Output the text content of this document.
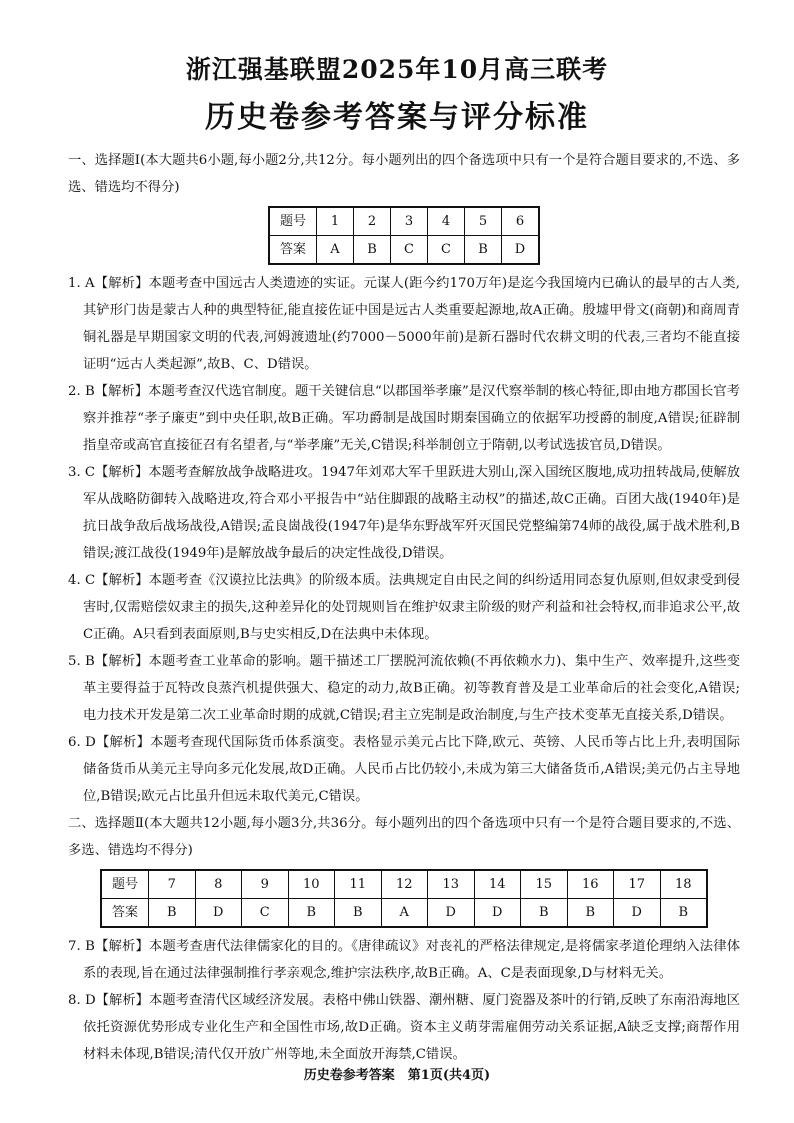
浙江强基联盟2025年10月高三联考
历史卷参考答案与评分标准

一、选择题Ⅰ(本大题共6小题,每小题2分,共12分。每小题列出的四个备选项中只有一个是符合题目要求的,不选、多选、错选均不得分)

题号	1	2	3	4	5	6
答案	A	B	C	C	B	D

1. A【解析】本题考查中国远古人类遗迹的实证。元谋人(距今约170万年)是迄今我国境内已确认的最早的古人类,其铲形门齿是蒙古人种的典型特征,能直接佐证中国是远古人类重要起源地,故A正确。殷墟甲骨文(商朝)和商周青铜礼器是早期国家文明的代表,河姆渡遗址(约7000－5000年前)是新石器时代农耕文明的代表,三者均不能直接证明“远古人类起源”,故B、C、D错误。

2. B【解析】本题考查汉代选官制度。题干关键信息“以郡国举孝廉”是汉代察举制的核心特征,即由地方郡国长官考察并推荐“孝子廉吏”到中央任职,故B正确。军功爵制是战国时期秦国确立的依据军功授爵的制度,A错误;征辟制指皇帝或高官直接征召有名望者,与“举孝廉”无关,C错误;科举制创立于隋朝,以考试选拔官员,D错误。

3. C【解析】本题考查解放战争战略进攻。1947年刘邓大军千里跃进大别山,深入国统区腹地,成功扭转战局,使解放军从战略防御转入战略进攻,符合邓小平报告中“站住脚跟的战略主动权”的描述,故C正确。百团大战(1940年)是抗日战争敌后战场战役,A错误;孟良崮战役(1947年)是华东野战军歼灭国民党整编第74师的战役,属于战术胜利,B错误;渡江战役(1949年)是解放战争最后的决定性战役,D错误。

4. C【解析】本题考查《汉谟拉比法典》的阶级本质。法典规定自由民之间的纠纷适用同态复仇原则,但奴隶受到侵害时,仅需赔偿奴隶主的损失,这种差异化的处罚规则旨在维护奴隶主阶级的财产利益和社会特权,而非追求公平,故C正确。A只看到表面原则,B与史实相反,D在法典中未体现。

5. B【解析】本题考查工业革命的影响。题干描述工厂摆脱河流依赖(不再依赖水力)、集中生产、效率提升,这些变革主要得益于瓦特改良蒸汽机提供强大、稳定的动力,故B正确。初等教育普及是工业革命后的社会变化,A错误;电力技术开发是第二次工业革命时期的成就,C错误;君主立宪制是政治制度,与生产技术变革无直接关系,D错误。

6. D【解析】本题考查现代国际货币体系演变。表格显示美元占比下降,欧元、英镑、人民币等占比上升,表明国际储备货币从美元主导向多元化发展,故D正确。人民币占比仍较小,未成为第三大储备货币,A错误;美元仍占主导地位,B错误;欧元占比虽升但远未取代美元,C错误。

二、选择题Ⅱ(本大题共12小题,每小题3分,共36分。每小题列出的四个备选项中只有一个是符合题目要求的,不选、多选、错选均不得分)

题号	7	8	9	10	11	12	13	14	15	16	17	18
答案	B	D	C	B	B	A	D	D	B	B	D	B

7. B【解析】本题考查唐代法律儒家化的目的。《唐律疏议》对丧礼的严格法律规定,是将儒家孝道伦理纳入法律体系的表现,旨在通过法律强制推行孝亲观念,维护宗法秩序,故B正确。A、C是表面现象,D与材料无关。

8. D【解析】本题考查清代区域经济发展。表格中佛山铁器、潮州糖、厦门瓷器及茶叶的行销,反映了东南沿海地区依托资源优势形成专业化生产和全国性市场,故D正确。资本主义萌芽需雇佣劳动关系证据,A缺乏支撑;商帮作用材料未体现,B错误;清代仅开放广州等地,未全面放开海禁,C错误。

历史卷参考答案　第1页(共4页)
